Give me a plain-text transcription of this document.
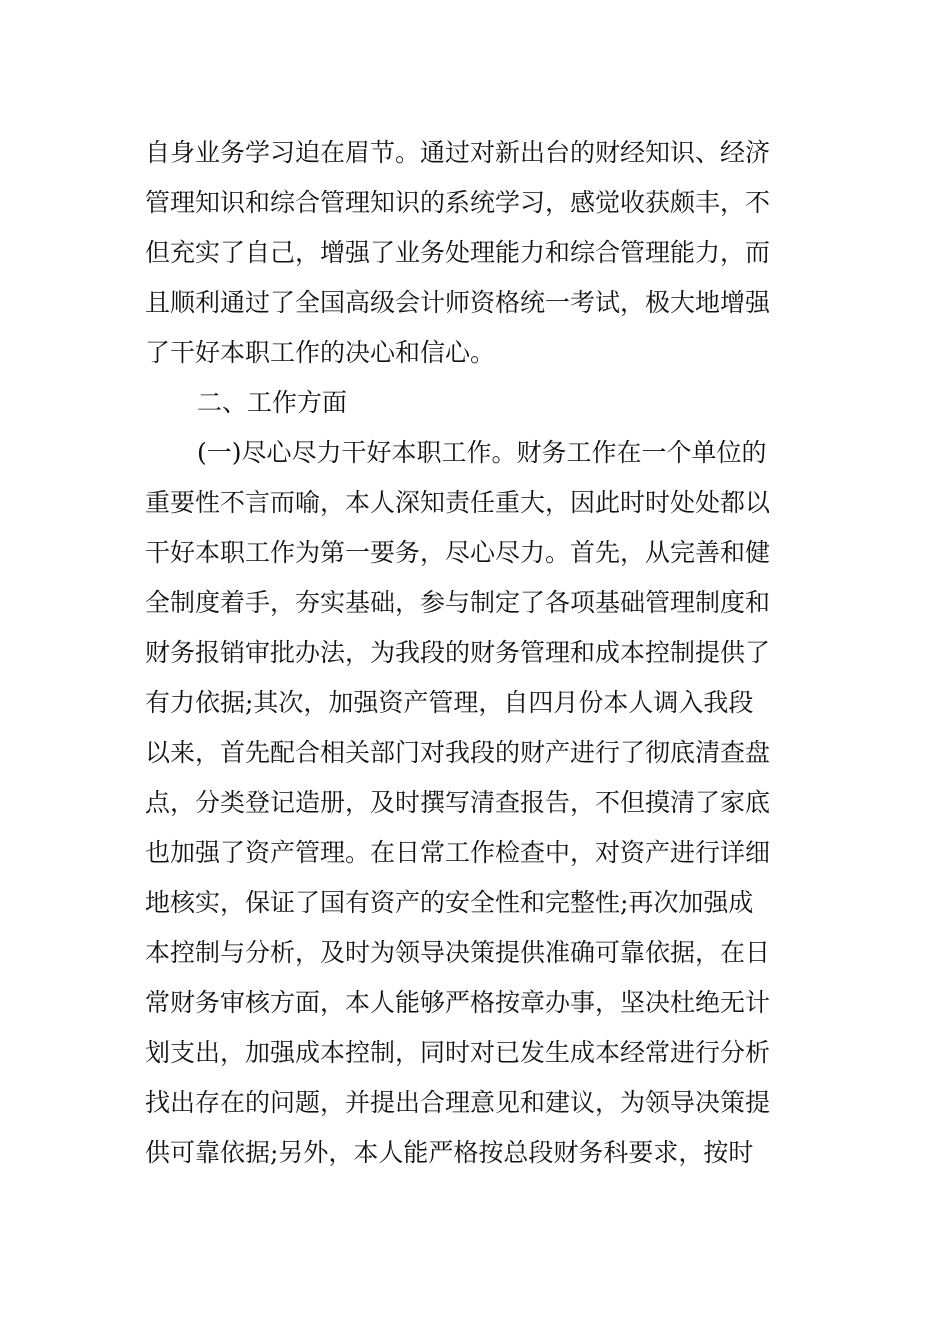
自身业务学习迫在眉节。通过对新出台的财经知识、经济
管理知识和综合管理知识的系统学习，感觉收获颇丰，不
但充实了自己，增强了业务处理能力和综合管理能力，而
且顺利通过了全国高级会计师资格统一考试，极大地增强
了干好本职工作的决心和信心。
二、工作方面
(一)尽心尽力干好本职工作。财务工作在一个单位的
重要性不言而喻，本人深知责任重大，因此时时处处都以
干好本职工作为第一要务，尽心尽力。首先，从完善和健
全制度着手，夯实基础，参与制定了各项基础管理制度和
财务报销审批办法，为我段的财务管理和成本控制提供了
有力依据;其次，加强资产管理，自四月份本人调入我段
以来，首先配合相关部门对我段的财产进行了彻底清查盘
点，分类登记造册，及时撰写清查报告，不但摸清了家底
也加强了资产管理。在日常工作检查中，对资产进行详细
地核实，保证了国有资产的安全性和完整性;再次加强成
本控制与分析，及时为领导决策提供准确可靠依据，在日
常财务审核方面，本人能够严格按章办事，坚决杜绝无计
划支出，加强成本控制，同时对已发生成本经常进行分析
找出存在的问题，并提出合理意见和建议，为领导决策提
供可靠依据;另外，本人能严格按总段财务科要求，按时
